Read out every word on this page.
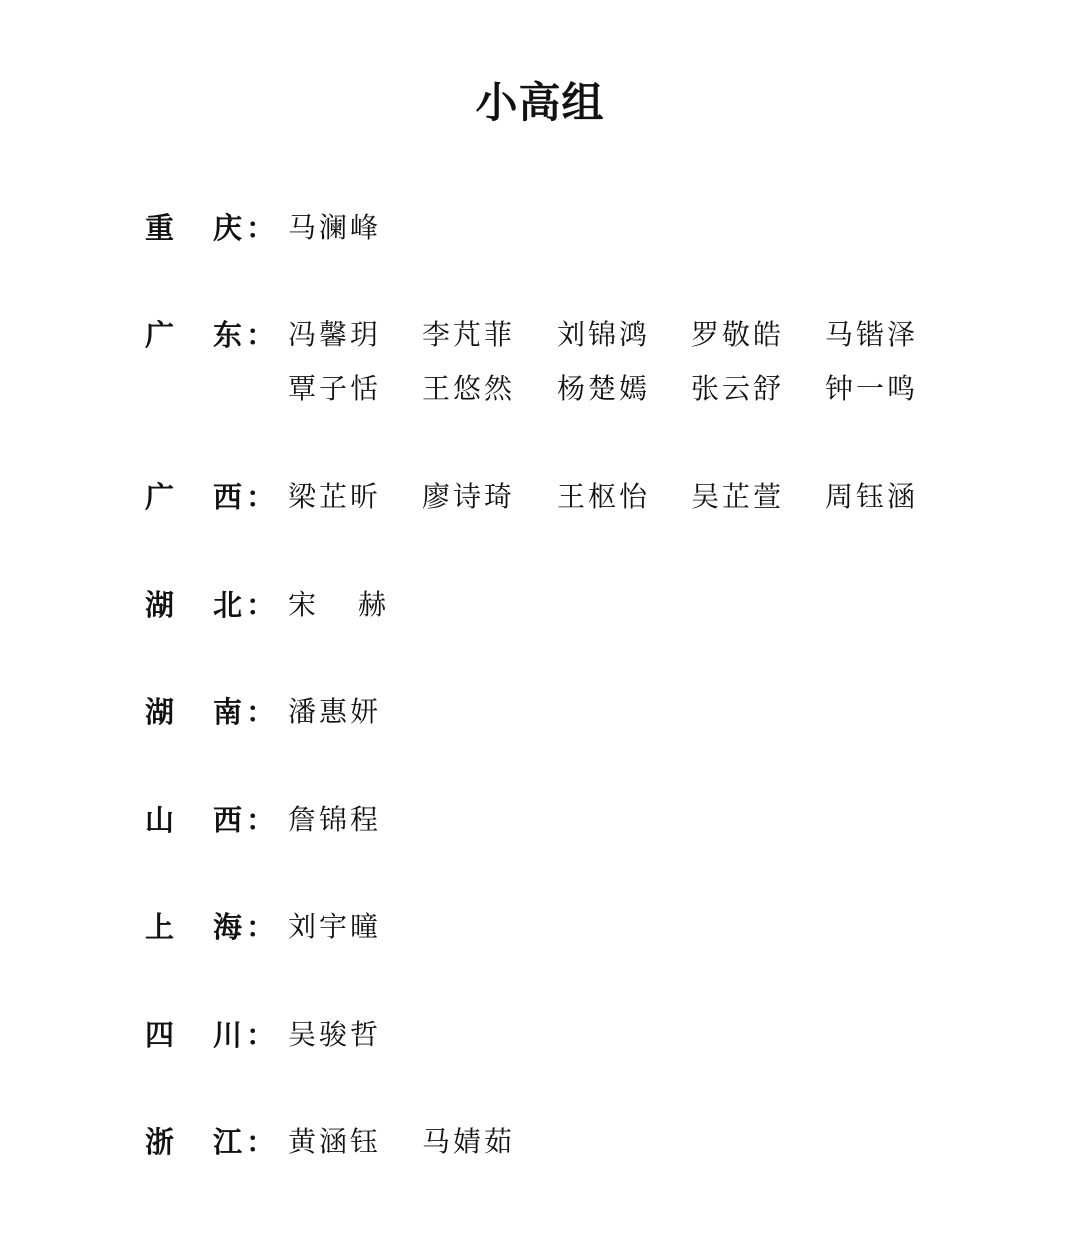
小高组
重 庆 ： 马澜峰
广 东 ： 冯馨玥 李芃菲 刘锦鸿 罗敬皓 马锴泽
覃子恬 王悠然 杨楚嫣 张云舒 钟一鸣
广 西 ： 梁芷昕 廖诗琦 王枢怡 吴芷萱 周钰涵
湖 北 ： 宋赫
湖 南 ： 潘惠妍
山 西 ： 詹锦程
上 海 ： 刘宇曈
四 川 ： 吴骏哲
浙 江 ： 黄涵钰 马婧茹
